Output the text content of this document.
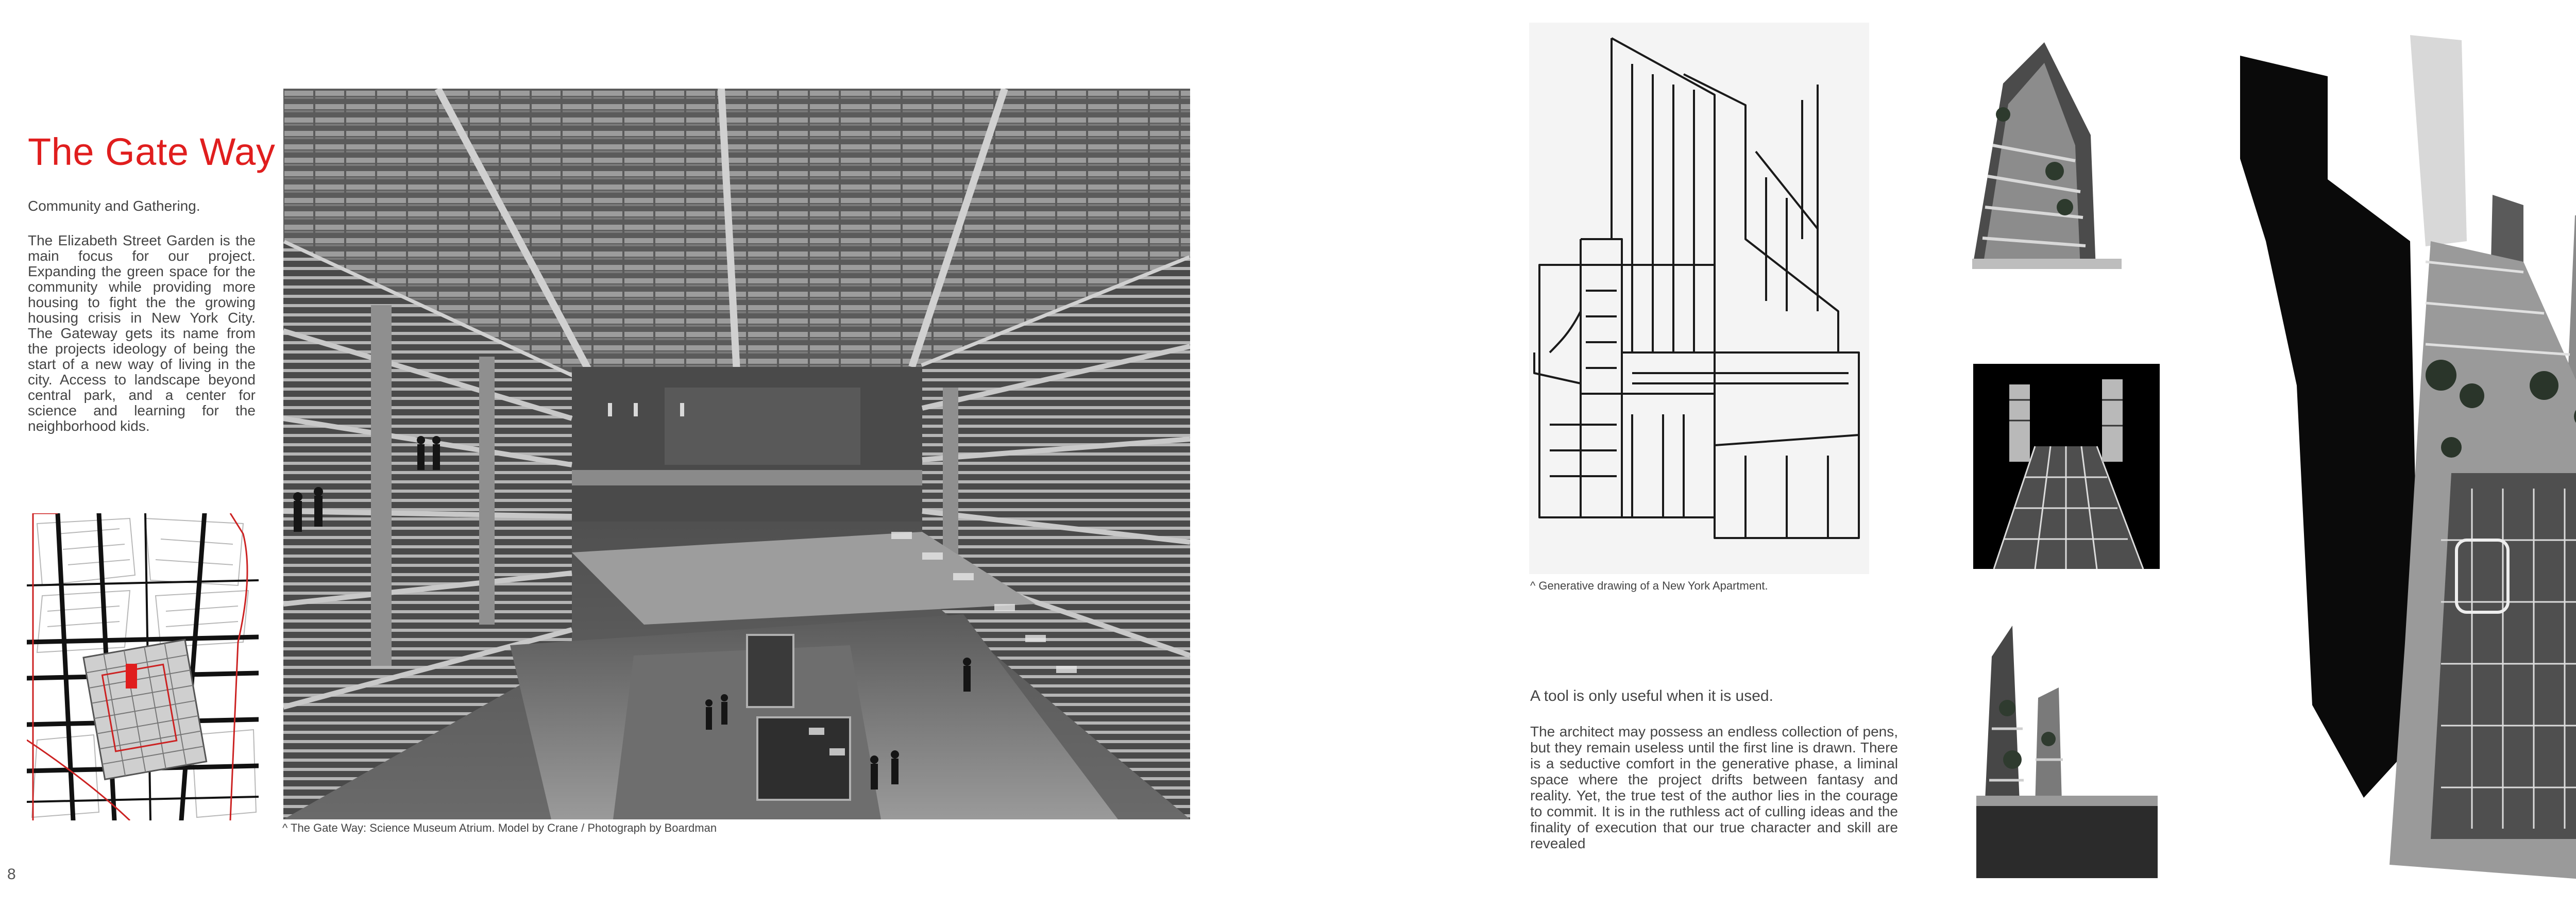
The Gate Way
Community and Gathering.
The Elizabeth Street Garden is the main focus for our project. Expanding the green space for the community while providing more housing to fight the the growing housing crisis in New York City. The Gateway gets its name from the projects ideology of being the start of a new way of living in the city. Access to landscape beyond central park, and a center for science and learning for the neighborhood kids.
^ The Gate Way: Science Museum Atrium. Model by Crane / Photograph by Boardman
8
^ Generative drawing of a New York Apartment.
A tool is only useful when it is used.
The architect may possess an endless collection of pens, but they remain useless until the first line is drawn. There is a seductive comfort in the generative phase, a liminal space where the project drifts between fantasy and reality. Yet, the true test of the author lies in the courage to commit. It is in the ruthless act of culling ideas and the finality of execution that our true character and skill are revealed
